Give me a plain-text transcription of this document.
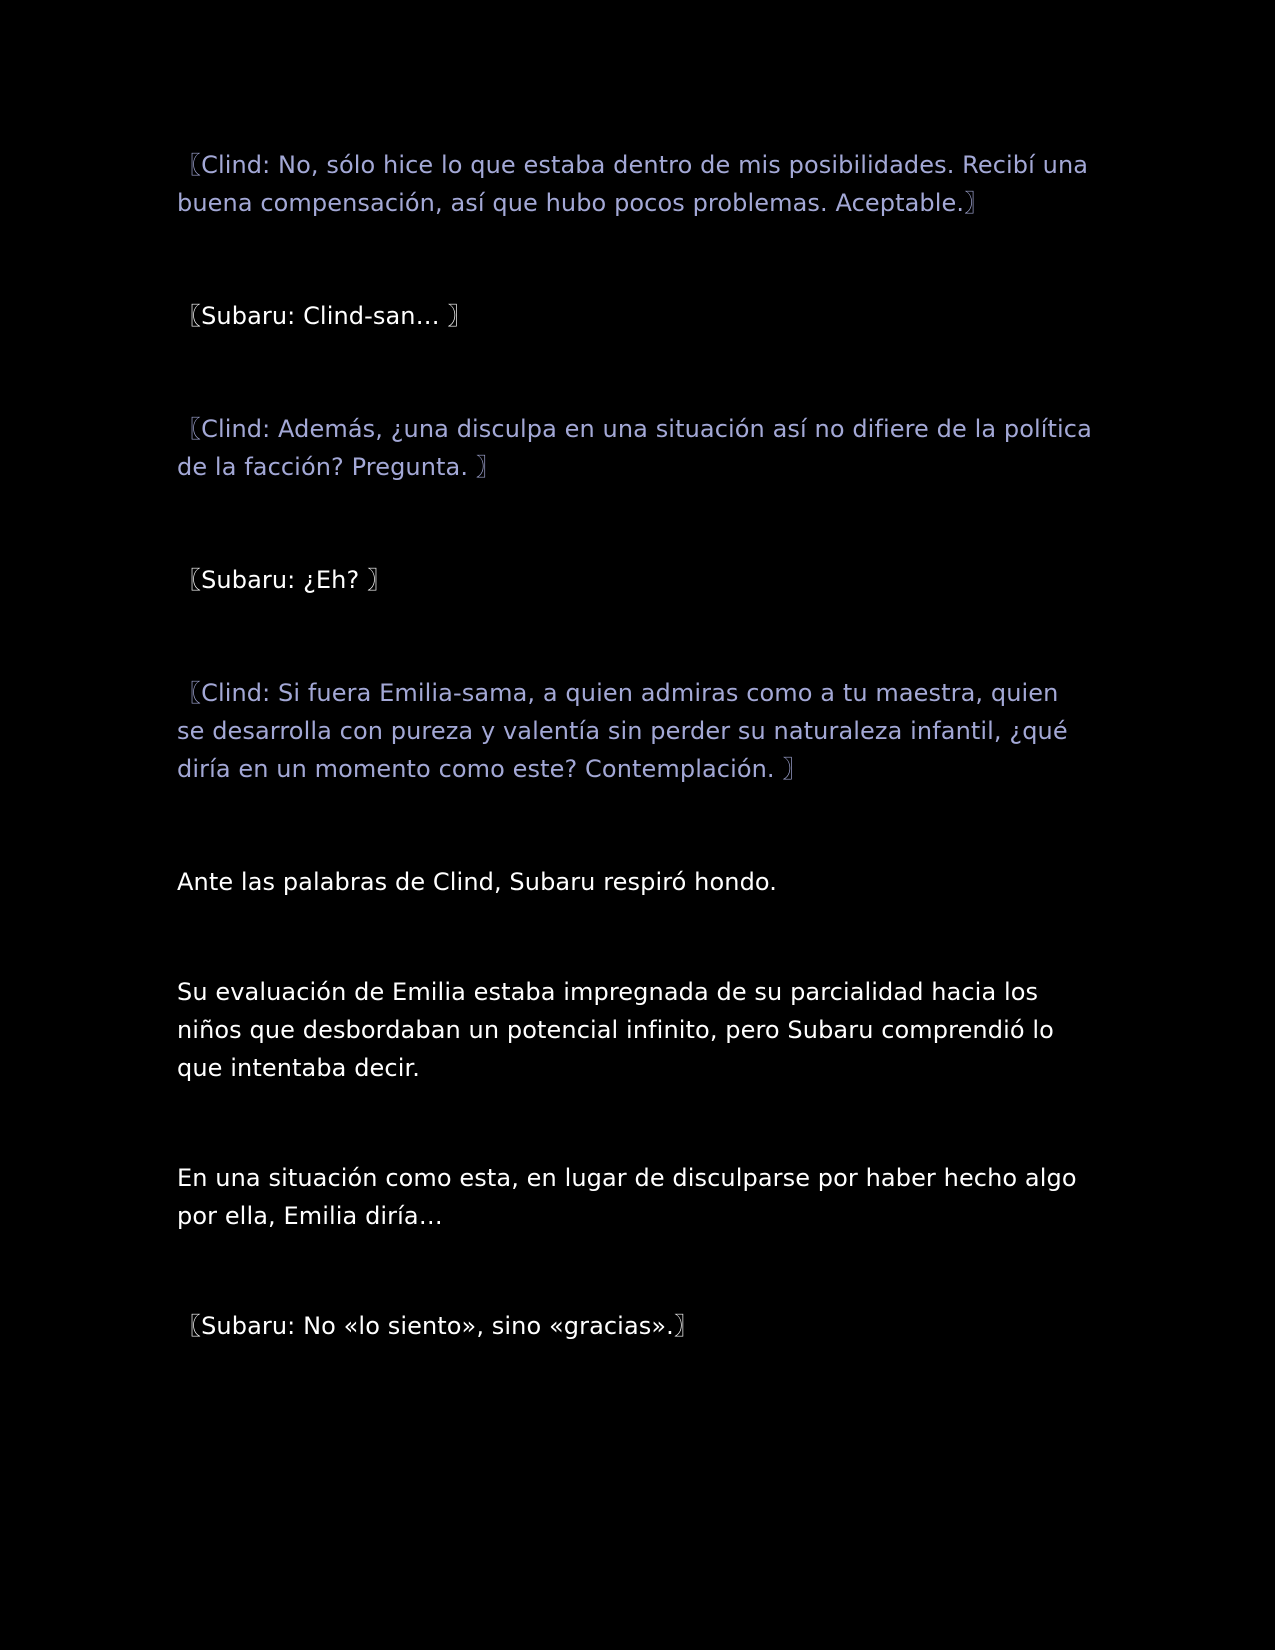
〖Clind: No, sólo hice lo que estaba dentro de mis posibilidades. Recibí una buena compensación, así que hubo pocos problemas. Aceptable.〗

〖Subaru: Clind-san… 〗

〖Clind: Además, ¿una disculpa en una situación así no difiere de la política de la facción? Pregunta. 〗

〖Subaru: ¿Eh? 〗

〖Clind: Si fuera Emilia-sama, a quien admiras como a tu maestra, quien se desarrolla con pureza y valentía sin perder su naturaleza infantil, ¿qué diría en un momento como este? Contemplación. 〗

Ante las palabras de Clind, Subaru respiró hondo.

Su evaluación de Emilia estaba impregnada de su parcialidad hacia los niños que desbordaban un potencial infinito, pero Subaru comprendió lo que intentaba decir.

En una situación como esta, en lugar de disculparse por haber hecho algo por ella, Emilia diría…

〖Subaru: No «lo siento», sino «gracias».〗
